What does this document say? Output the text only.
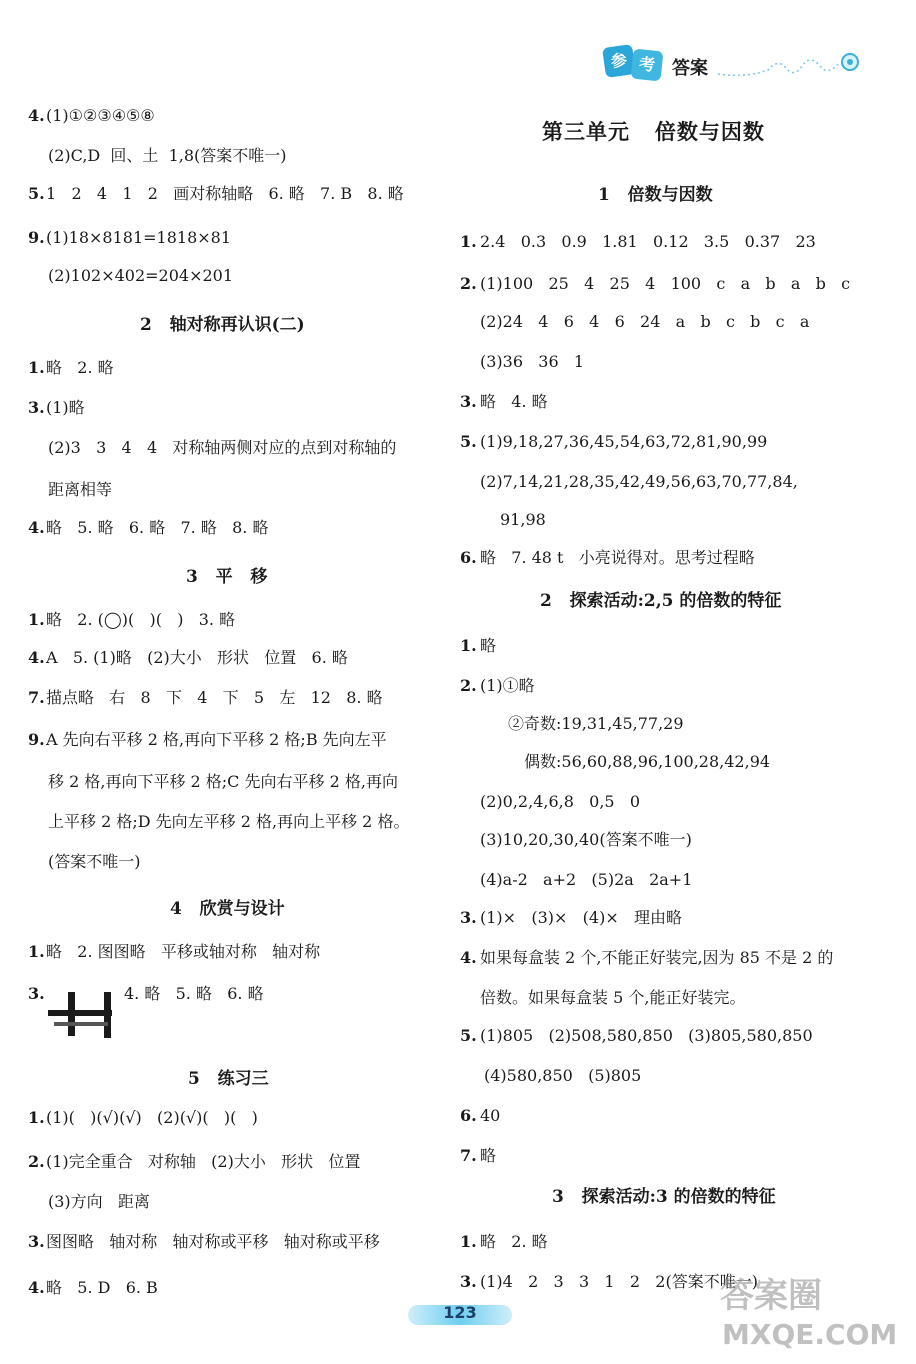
参 考 答案
4. (1)①②③④⑤⑧
(2)C,D  回、土  1,8(答案不唯一)
5. 1   2   4   1   2   画对称轴略   6. 略   7. B   8. 略
9. (1)18×8181=1818×81
(2)102×402=204×201
2   轴对称再认识(二)
1. 略   2. 略
3. (1)略
(2)3   3   4   4   对称轴两侧对应的点到对称轴的
距离相等
4. 略   5. 略   6. 略   7. 略   8. 略
3   平   移
1. 略   2. (◯)(   )(   )   3. 略
4. A   5. (1)略   (2)大小   形状   位置   6. 略
7. 描点略   右   8   下   4   下   5   左   12   8. 略
9. A 先向右平移 2 格,再向下平移 2 格;B 先向左平
移 2 格,再向下平移 2 格;C 先向右平移 2 格,再向
上平移 2 格;D 先向左平移 2 格,再向上平移 2 格。
(答案不唯一)
4   欣赏与设计
1. 略   2. 图图略   平移或轴对称   轴对称
3.	4. 略   5. 略   6. 略
5   练习三
1. (1)(   )(√)(√)   (2)(√)(   )(   )
2. (1)完全重合   对称轴   (2)大小   形状   位置
(3)方向   距离
3. 图图略   轴对称   轴对称或平移   轴对称或平移
4. 略   5. D   6. B
第三单元   倍数与因数
1   倍数与因数
1. 2.4   0.3   0.9   1.81   0.12   3.5   0.37   23
2. (1)100   25   4   25   4   100   c   a   b   a   b   c
(2)24   4   6   4   6   24   a   b   c   b   c   a
(3)36   36   1
3. 略   4. 略
5. (1)9,18,27,36,45,54,63,72,81,90,99
(2)7,14,21,28,35,42,49,56,63,70,77,84,
91,98
6. 略   7. 48 t   小亮说得对。思考过程略
2   探索活动:2,5 的倍数的特征
1. 略
2. (1)①略
②奇数:19,31,45,77,29
偶数:56,60,88,96,100,28,42,94
(2)0,2,4,6,8   0,5   0
(3)10,20,30,40(答案不唯一)
(4)a-2   a+2   (5)2a   2a+1
3. (1)×   (3)×   (4)×   理由略
4. 如果每盒装 2 个,不能正好装完,因为 85 不是 2 的
倍数。如果每盒装 5 个,能正好装完。
5. (1)805   (2)508,580,850   (3)805,580,850
(4)580,850   (5)805
6. 40
7. 略
3   探索活动:3 的倍数的特征
1. 略   2. 略
3. (1)4   2   3   3   1   2   2(答案不唯一)
123	答案圈
MXQE.COM
